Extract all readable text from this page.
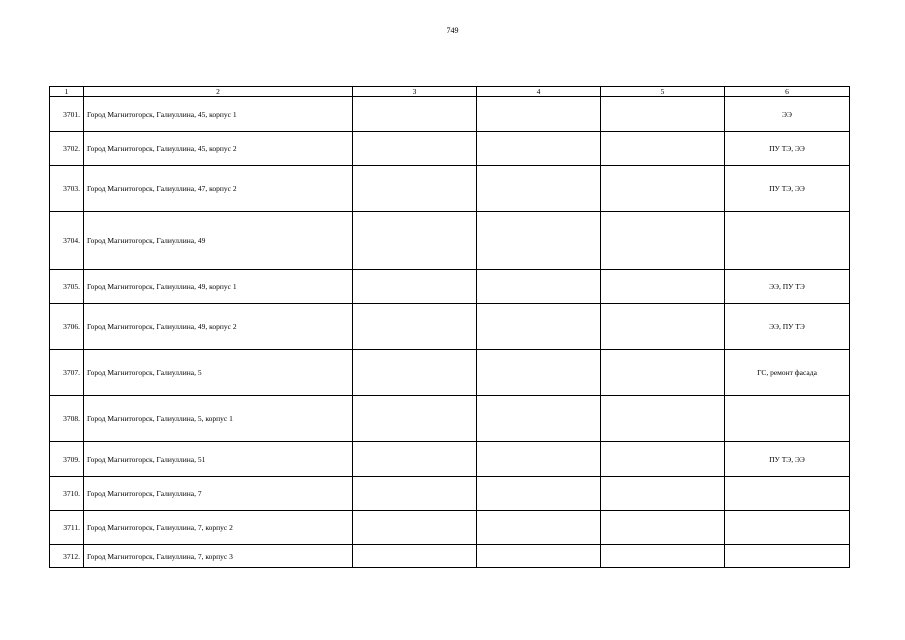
749
1	2	3	4	5	6
3701.	Город Магнитогорск, Галиуллина, 45, корпус 1				ЭЭ
3702.	Город Магнитогорск, Галиуллина, 45, корпус 2				ПУ ТЭ, ЭЭ
3703.	Город Магнитогорск, Галиуллина, 47, корпус 2				ПУ ТЭ, ЭЭ
3704.	Город Магнитогорск, Галиуллина, 49				
3705.	Город Магнитогорск, Галиуллина, 49, корпус 1				ЭЭ, ПУ ТЭ
3706.	Город Магнитогорск, Галиуллина, 49, корпус 2				ЭЭ, ПУ ТЭ
3707.	Город Магнитогорск, Галиуллина, 5				ГС, ремонт фасада
3708.	Город Магнитогорск, Галиуллина, 5, корпус 1				
3709.	Город Магнитогорск, Галиуллина, 51				ПУ ТЭ, ЭЭ
3710.	Город Магнитогорск, Галиуллина, 7				
3711.	Город Магнитогорск, Галиуллина, 7, корпус 2				
3712.	Город Магнитогорск, Галиуллина, 7, корпус 3				
